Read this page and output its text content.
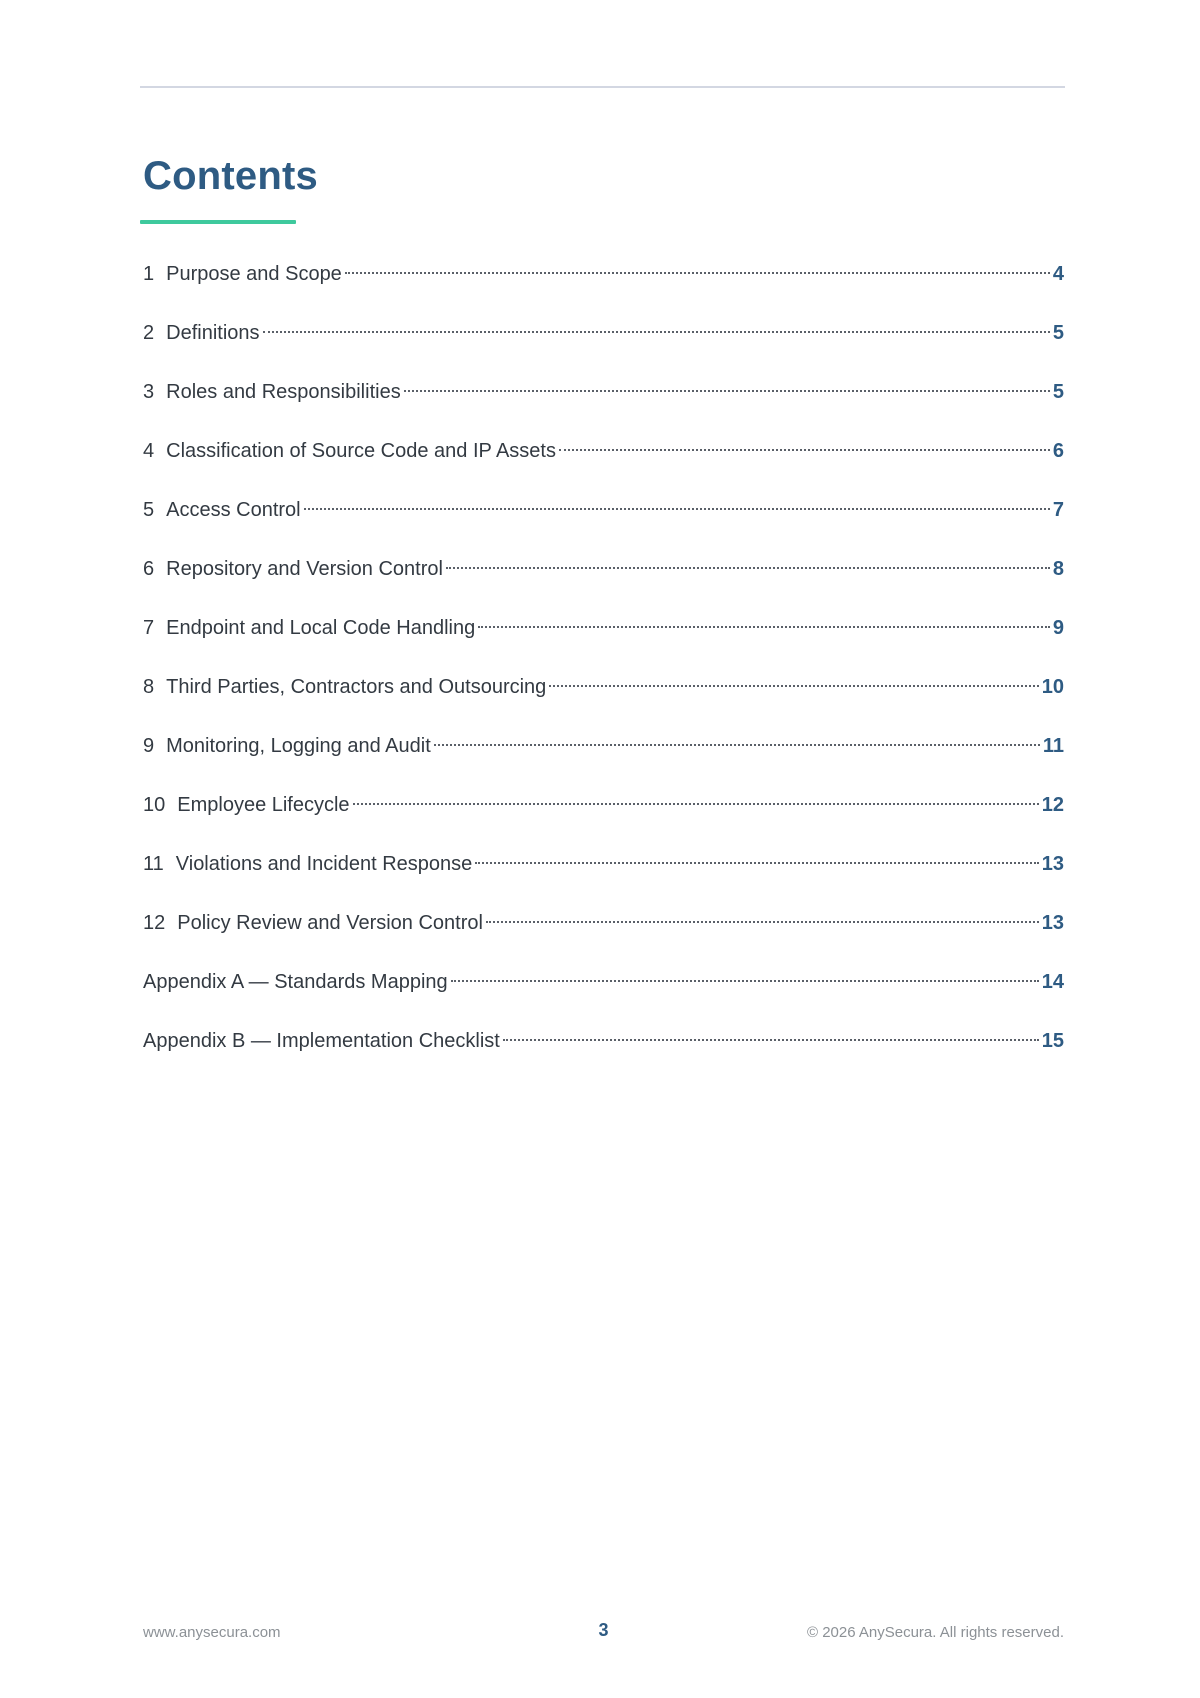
Contents
1 Purpose and Scope	4
2 Definitions	5
3 Roles and Responsibilities	5
4 Classification of Source Code and IP Assets	6
5 Access Control	7
6 Repository and Version Control	8
7 Endpoint and Local Code Handling	9
8 Third Parties, Contractors and Outsourcing	10
9 Monitoring, Logging and Audit	11
10 Employee Lifecycle	12
11 Violations and Incident Response	13
12 Policy Review and Version Control	13
Appendix A — Standards Mapping	14
Appendix B — Implementation Checklist	15
www.anysecura.com	3	© 2026 AnySecura. All rights reserved.
